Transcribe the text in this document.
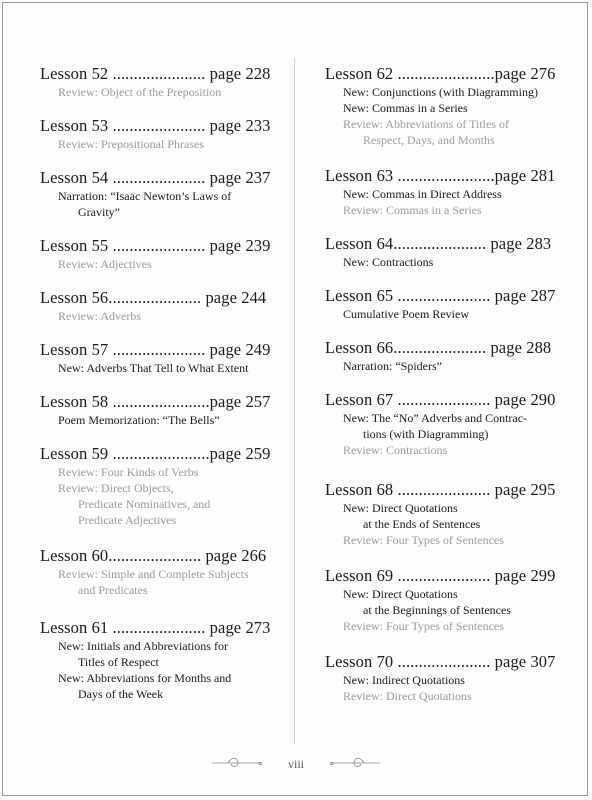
Lesson 52 ...................... page 228
Review: Object of the Preposition
Lesson 53 ...................... page 233
Review: Prepositional Phrases
Lesson 54 ...................... page 237
Narration: “Isaac Newton’s Laws of
Gravity”
Lesson 55 ...................... page 239
Review: Adjectives
Lesson 56...................... page 244
Review: Adverbs
Lesson 57 ...................... page 249
New: Adverbs That Tell to What Extent
Lesson 58 .......................page 257
Poem Memorization: “The Bells”
Lesson 59 .......................page 259
Review: Four Kinds of Verbs
Review: Direct Objects,
Predicate Nominatives, and
Predicate Adjectives
Lesson 60...................... page 266
Review: Simple and Complete Subjects
and Predicates
Lesson 61 ...................... page 273
New: Initials and Abbreviations for
Titles of Respect
New: Abbreviations for Months and
Days of the Week
Lesson 62 .......................page 276
New: Conjunctions (with Diagramming)
New: Commas in a Series
Review: Abbreviations of Titles of
Respect, Days, and Months
Lesson 63 .......................page 281
New: Commas in Direct Address
Review: Commas in a Series
Lesson 64...................... page 283
New: Contractions
Lesson 65 ...................... page 287
Cumulative Poem Review
Lesson 66...................... page 288
Narration: “Spiders”
Lesson 67 ...................... page 290
New: The “No” Adverbs and Contrac-
tions (with Diagramming)
Review: Contractions
Lesson 68 ...................... page 295
New: Direct Quotations
at the Ends of Sentences
Review: Four Types of Sentences
Lesson 69 ...................... page 299
New: Direct Quotations
at the Beginnings of Sentences
Review: Four Types of Sentences
Lesson 70 ...................... page 307
New: Indirect Quotations
Review: Direct Quotations
viii
